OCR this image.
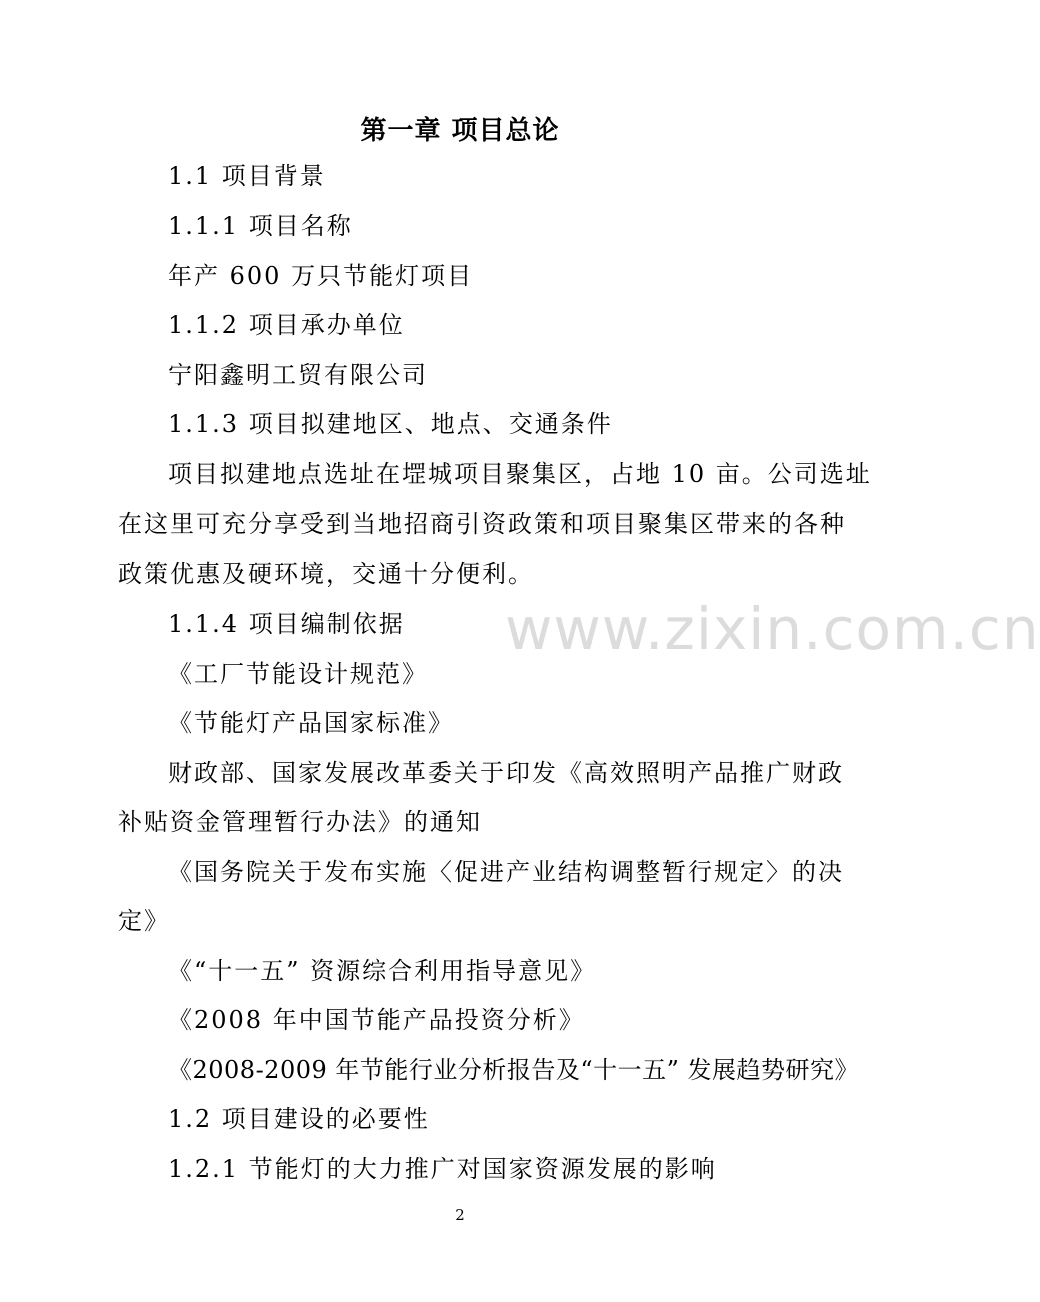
第一章 项目总论
1.1 项目背景
1.1.1 项目名称
年产 600 万只节能灯项目
1.1.2 项目承办单位
宁阳鑫明工贸有限公司
1.1.3 项目拟建地区、地点、交通条件
项目拟建地点选址在堽城项目聚集区，占地 10 亩。公司选址
在这里可充分享受到当地招商引资政策和项目聚集区带来的各种
政策优惠及硬环境，交通十分便利。
1.1.4 项目编制依据
《工厂节能设计规范》
《节能灯产品国家标准》
财政部、国家发展改革委关于印发《高效照明产品推广财政
补贴资金管理暂行办法》的通知
《国务院关于发布实施〈促进产业结构调整暂行规定〉的决
定》
《“十一五” 资源综合利用指导意见》
《2008 年中国节能产品投资分析》
《2008-2009 年节能行业分析报告及“十一五” 发展趋势研究》
1.2 项目建设的必要性
1.2.1 节能灯的大力推广对国家资源发展的影响
www.zixin.com.cn
2
